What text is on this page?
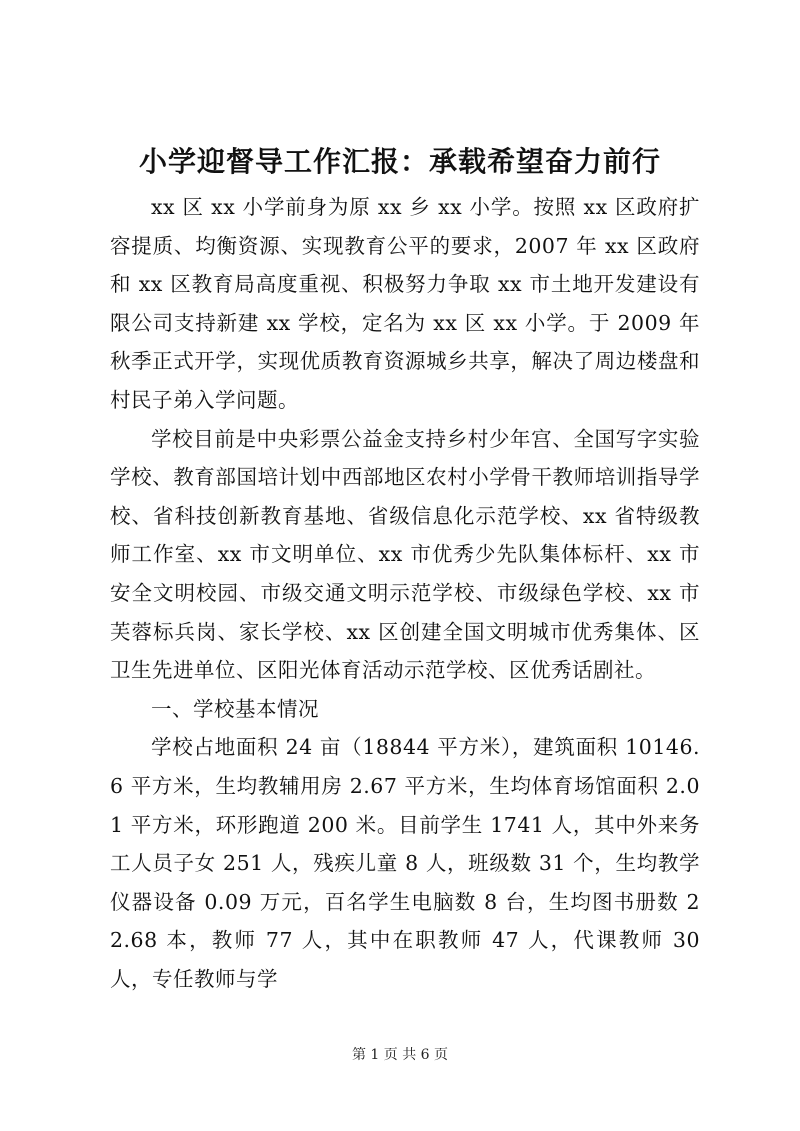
小学迎督导工作汇报：承载希望奋力前行

xx 区 xx 小学前身为原 xx 乡 xx 小学。按照 xx 区政府扩容提质、均衡资源、实现教育公平的要求，2007 年 xx 区政府和 xx 区教育局高度重视、积极努力争取 xx 市土地开发建设有限公司支持新建 xx 学校，定名为 xx 区 xx 小学。于 2009 年秋季正式开学，实现优质教育资源城乡共享，解决了周边楼盘和村民子弟入学问题。

学校目前是中央彩票公益金支持乡村少年宫、全国写字实验学校、教育部国培计划中西部地区农村小学骨干教师培训指导学校、省科技创新教育基地、省级信息化示范学校、xx 省特级教师工作室、xx 市文明单位、xx 市优秀少先队集体标杆、xx 市安全文明校园、市级交通文明示范学校、市级绿色学校、xx 市芙蓉标兵岗、家长学校、xx 区创建全国文明城市优秀集体、区卫生先进单位、区阳光体育活动示范学校、区优秀话剧社。

一、学校基本情况

学校占地面积 24 亩（18844 平方米），建筑面积 10146.6 平方米，生均教辅用房 2.67 平方米，生均体育场馆面积 2.01 平方米，环形跑道 200 米。目前学生 1741 人，其中外来务工人员子女 251 人，残疾儿童 8 人，班级数 31 个，生均教学仪器设备 0.09 万元，百名学生电脑数 8 台，生均图书册数 22.68 本，教师 77 人，其中在职教师 47 人，代课教师 30 人，专任教师与学

第 1 页 共 6 页
